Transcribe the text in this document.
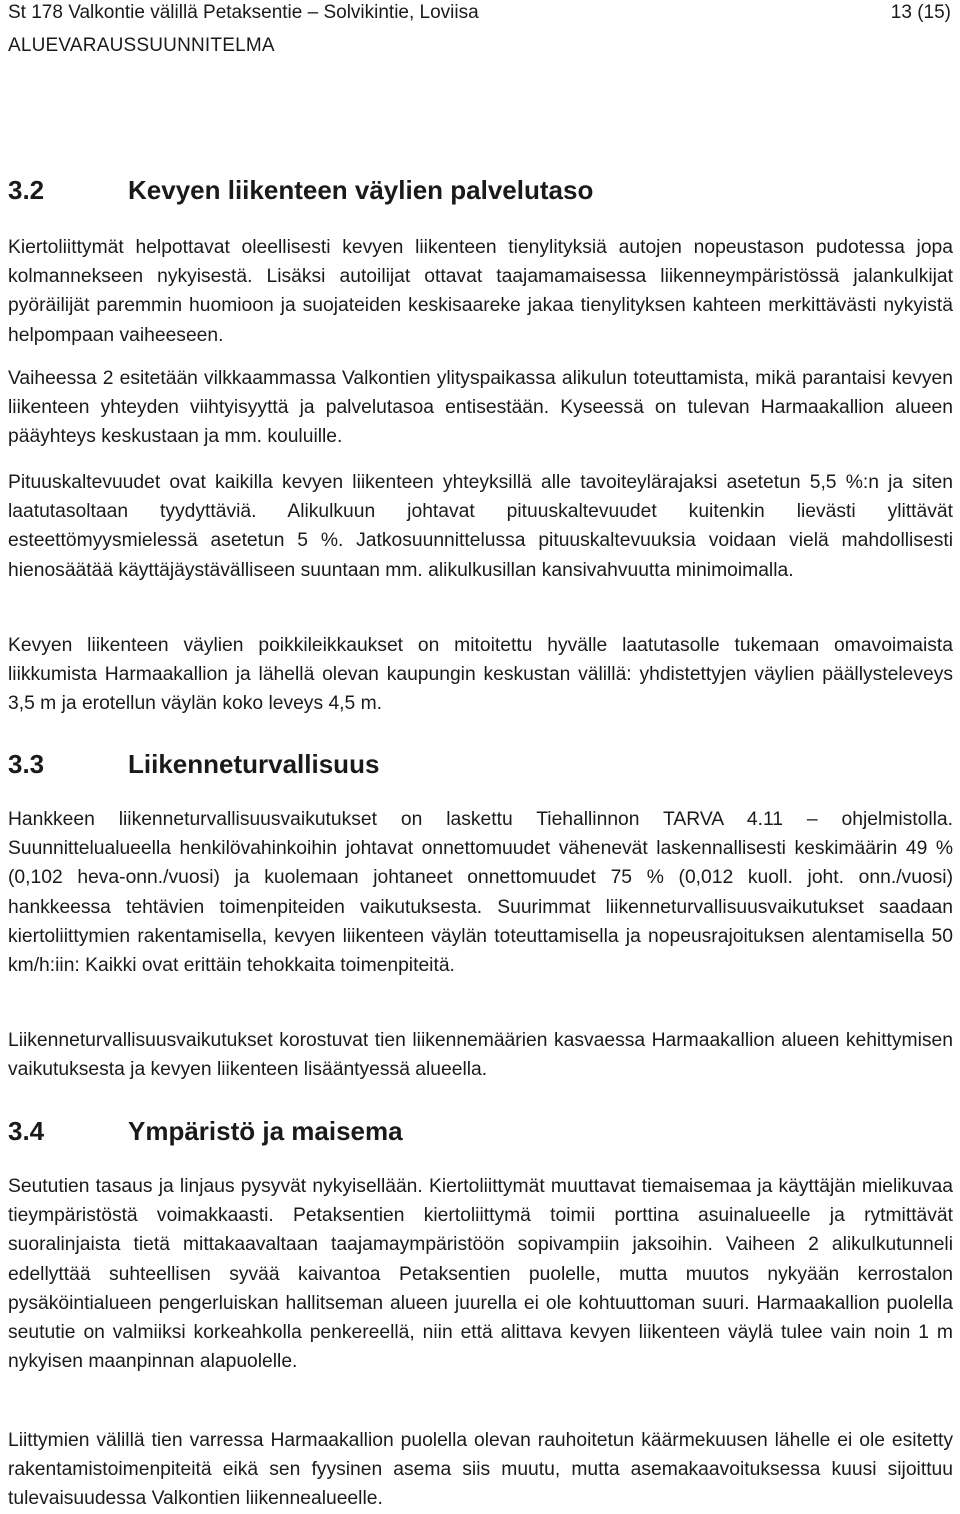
St 178 Valkontie välillä Petaksentie – Solvikintie, Loviisa	13 (15)
ALUEVARAUSSUUNNITELMA
3.2	Kevyen liikenteen väylien palvelutaso

Kiertoliittymät helpottavat oleellisesti kevyen liikenteen tienylityksiä autojen nopeustason pudotessa jopa kolmannekseen nykyisestä. Lisäksi autoilijat ottavat taajamamaisessa liikenneympäristössä jalankulkijat pyöräilijät paremmin huomioon ja suojateiden keskisaareke jakaa tienylityksen kahteen merkittävästi nykyistä helpompaan vaiheeseen.

Vaiheessa 2 esitetään vilkkaammassa Valkontien ylityspaikassa alikulun toteuttamista, mikä parantaisi kevyen liikenteen yhteyden viihtyisyyttä ja palvelutasoa entisestään. Kyseessä on tulevan Harmaakallion alueen pääyhteys keskustaan ja mm. kouluille.

Pituuskaltevuudet ovat kaikilla kevyen liikenteen yhteyksillä alle tavoiteylärajaksi asetetun 5,5 %:n ja siten laatutasoltaan tyydyttäviä. Alikulkuun johtavat pituuskaltevuudet kuitenkin lievästi ylittävät esteettömyysmielessä asetetun 5 %. Jatkosuunnittelussa pituuskaltevuuksia voidaan vielä mahdollisesti hienosäätää käyttäjäystävälliseen suuntaan mm. alikulkusillan kansivahvuutta minimoimalla.

Kevyen liikenteen väylien poikkileikkaukset on mitoitettu hyvälle laatutasolle tukemaan omavoimaista liikkumista Harmaakallion ja lähellä olevan kaupungin keskustan välillä: yhdistettyjen väylien päällysteleveys 3,5 m ja erotellun väylän koko leveys 4,5 m.

3.3	Liikenneturvallisuus

Hankkeen liikenneturvallisuusvaikutukset on laskettu Tiehallinnon TARVA 4.11 – ohjelmistolla. Suunnittelualueella henkilövahinkoihin johtavat onnettomuudet vähenevät laskennallisesti keskimäärin 49 % (0,102 heva-onn./vuosi) ja kuolemaan johtaneet onnettomuudet 75 % (0,012 kuoll. joht. onn./vuosi) hankkeessa tehtävien toimenpiteiden vaikutuksesta. Suurimmat liikenneturvallisuusvaikutukset saadaan kiertoliittymien rakentamisella, kevyen liikenteen väylän toteuttamisella ja nopeusrajoituksen alentamisella 50 km/h:iin: Kaikki ovat erittäin tehokkaita toimenpiteitä.

Liikenneturvallisuusvaikutukset korostuvat tien liikennemäärien kasvaessa Harmaakallion alueen kehittymisen vaikutuksesta ja kevyen liikenteen lisääntyessä alueella.

3.4	Ympäristö ja maisema

Seututien tasaus ja linjaus pysyvät nykyisellään. Kiertoliittymät muuttavat tiemaisemaa ja käyttäjän mielikuvaa tieympäristöstä voimakkaasti. Petaksentien kiertoliittymä toimii porttina asuinalueelle ja rytmittävät suoralinjaista tietä mittakaavaltaan taajamaympäristöön sopivampiin jaksoihin. Vaiheen 2 alikulkutunneli edellyttää suhteellisen syvää kaivantoa Petaksentien puolelle, mutta muutos nykyään kerrostalon pysäköintialueen pengerluiskan hallitseman alueen juurella ei ole kohtuuttoman suuri. Harmaakallion puolella seututie on valmiiksi korkeahkolla penkereellä, niin että alittava kevyen liikenteen väylä tulee vain noin 1 m nykyisen maanpinnan alapuolelle.

Liittymien välillä tien varressa Harmaakallion puolella olevan rauhoitetun käärmekuusen lähelle ei ole esitetty rakentamistoimenpiteitä eikä sen fyysinen asema siis muutu, mutta asemakaavoituksessa kuusi sijoittuu tulevaisuudessa Valkontien liikennealueelle.
